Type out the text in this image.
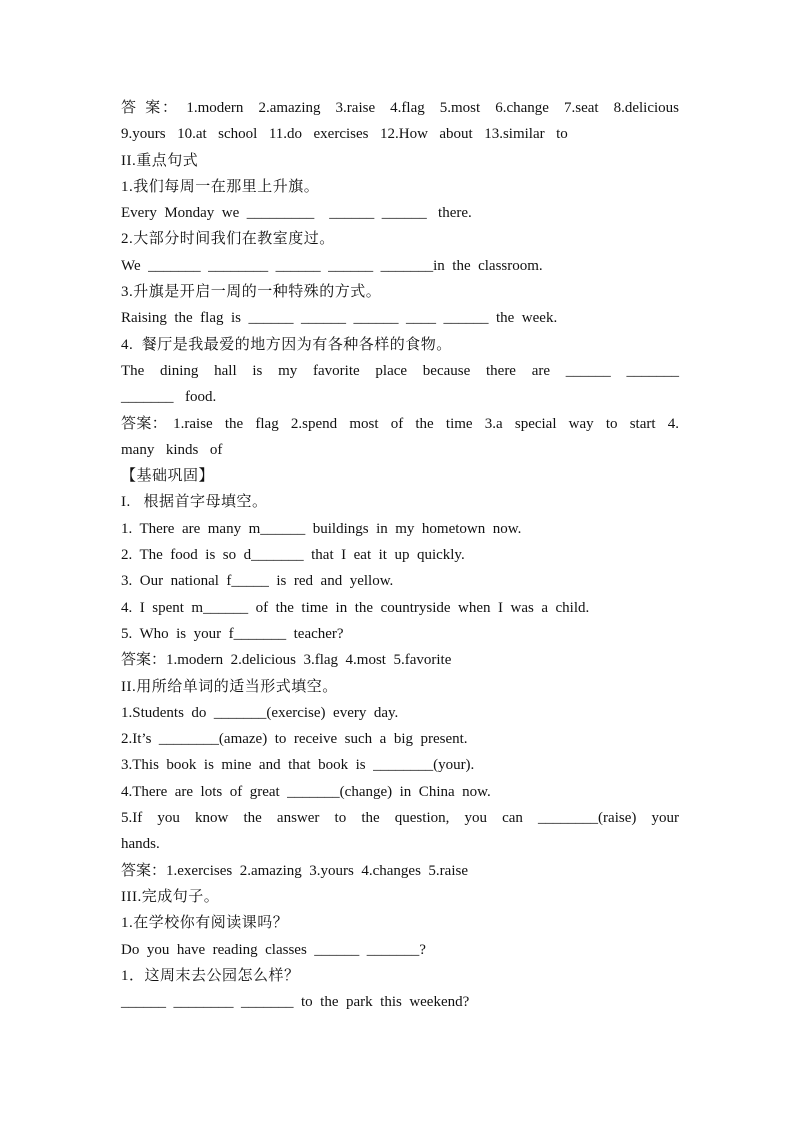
答 案： 1.modern  2.amazing  3.raise  4.flag  5.most  6.change  7.seat  8.delicious 9.yours  10.at  school  11.do  exercises  12.How  about  13.similar  to
II.重点句式
1.我们每周一在那里上升旗。
Every  Monday  we  _________    ______  ______   there.
2.大部分时间我们在教室度过。
We  _______  ________  ______  ______  _______in  the  classroom.
3.升旗是开启一周的一种特殊的方式。
Raising  the  flag  is  ______  ______  ______  ____  ______  the  week.
4.  餐厅是我最爱的地方因为有各种各样的食物。
The  dining  hall  is  my  favorite  place  because  there  are  ______  _______ _______  food.
答案： 1.raise  the  flag  2.spend  most  of  the  time  3.a  special  way  to  start  4. many  kinds  of
【基础巩固】
I.   根据首字母填空。
1.  There  are  many  m______  buildings  in  my  hometown  now.
2.  The  food  is  so  d_______  that  I  eat  it  up  quickly.
3.  Our  national  f_____  is  red  and  yellow.
4.  I  spent  m______  of  the  time  in  the  countryside  when  I  was  a  child.
5.  Who  is  your  f_______  teacher?
答案：1.modern  2.delicious  3.flag  4.most  5.favorite
II.用所给单词的适当形式填空。
1.Students  do  _______(exercise)  every  day.
2.It’s  ________(amaze)  to  receive  such  a  big  present.
3.This  book  is  mine  and  that  book  is  ________(your).
4.There  are  lots  of  great  _______(change)  in  China  now.
5.If  you  know  the  answer  to  the  question,  you  can  ________(raise)  your hands.
答案：1.exercises  2.amazing  3.yours  4.changes  5.raise
III.完成句子。
1.在学校你有阅读课吗？
Do  you  have  reading  classes  ______  _______?
1．这周末去公园怎么样？
______  ________  _______  to  the  park  this  weekend?
